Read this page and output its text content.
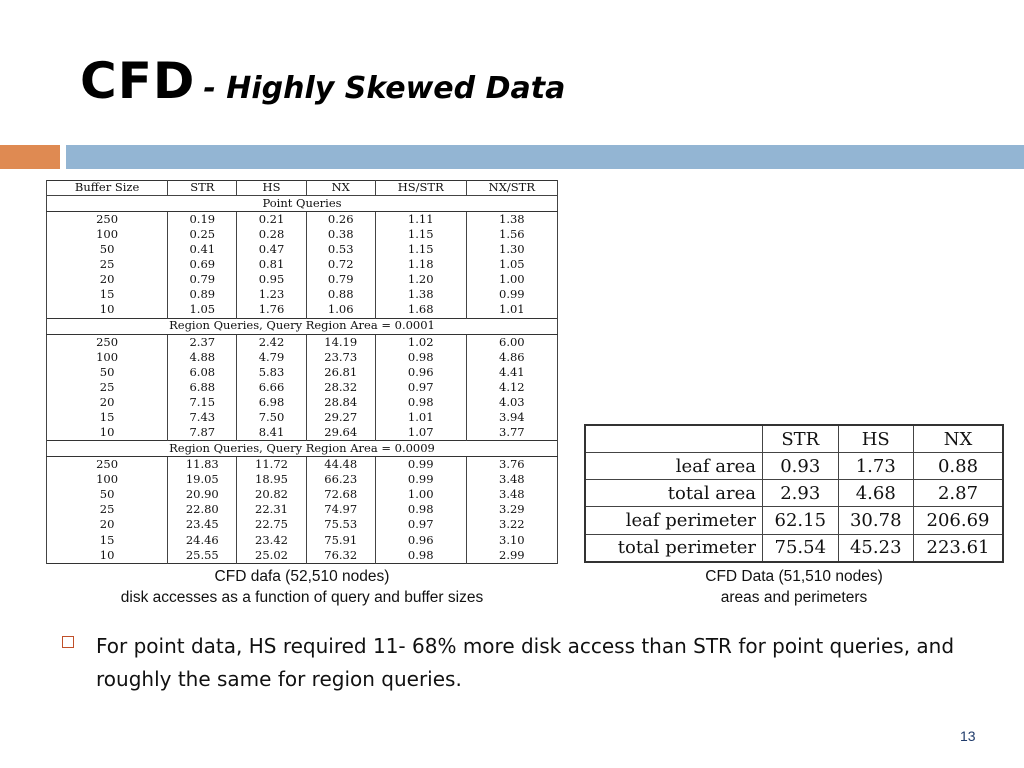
CFD - Highly Skewed Data
Buffer Size	STR	HS	NX	HS/STR	NX/STR
Point Queries					
250	0.19	0.21	0.26	1.11	1.38
100	0.25	0.28	0.38	1.15	1.56
50	0.41	0.47	0.53	1.15	1.30
25	0.69	0.81	0.72	1.18	1.05
20	0.79	0.95	0.79	1.20	1.00
15	0.89	1.23	0.88	1.38	0.99
10	1.05	1.76	1.06	1.68	1.01
Region Queries, Query Region Area = 0.0001					
250	2.37	2.42	14.19	1.02	6.00
100	4.88	4.79	23.73	0.98	4.86
50	6.08	5.83	26.81	0.96	4.41
25	6.88	6.66	28.32	0.97	4.12
20	7.15	6.98	28.84	0.98	4.03
15	7.43	7.50	29.27	1.01	3.94
10	7.87	8.41	29.64	1.07	3.77
Region Queries, Query Region Area = 0.0009					
250	11.83	11.72	44.48	0.99	3.76
100	19.05	18.95	66.23	0.99	3.48
50	20.90	20.82	72.68	1.00	3.48
25	22.80	22.31	74.97	0.98	3.29
20	23.45	22.75	75.53	0.97	3.22
15	24.46	23.42	75.91	0.96	3.10
10	25.55	25.02	76.32	0.98	2.99
	STR	HS	NX
leaf area	0.93	1.73	0.88
total area	2.93	4.68	2.87
leaf perimeter	62.15	30.78	206.69
total perimeter	75.54	45.23	223.61
CFD dafa (52,510 nodes)
disk accesses as a function of query and buffer sizes
CFD Data (51,510 nodes)
areas and perimeters
For point data, HS required 11- 68% more disk access than STR for point queries, and roughly the same for region queries.
13
